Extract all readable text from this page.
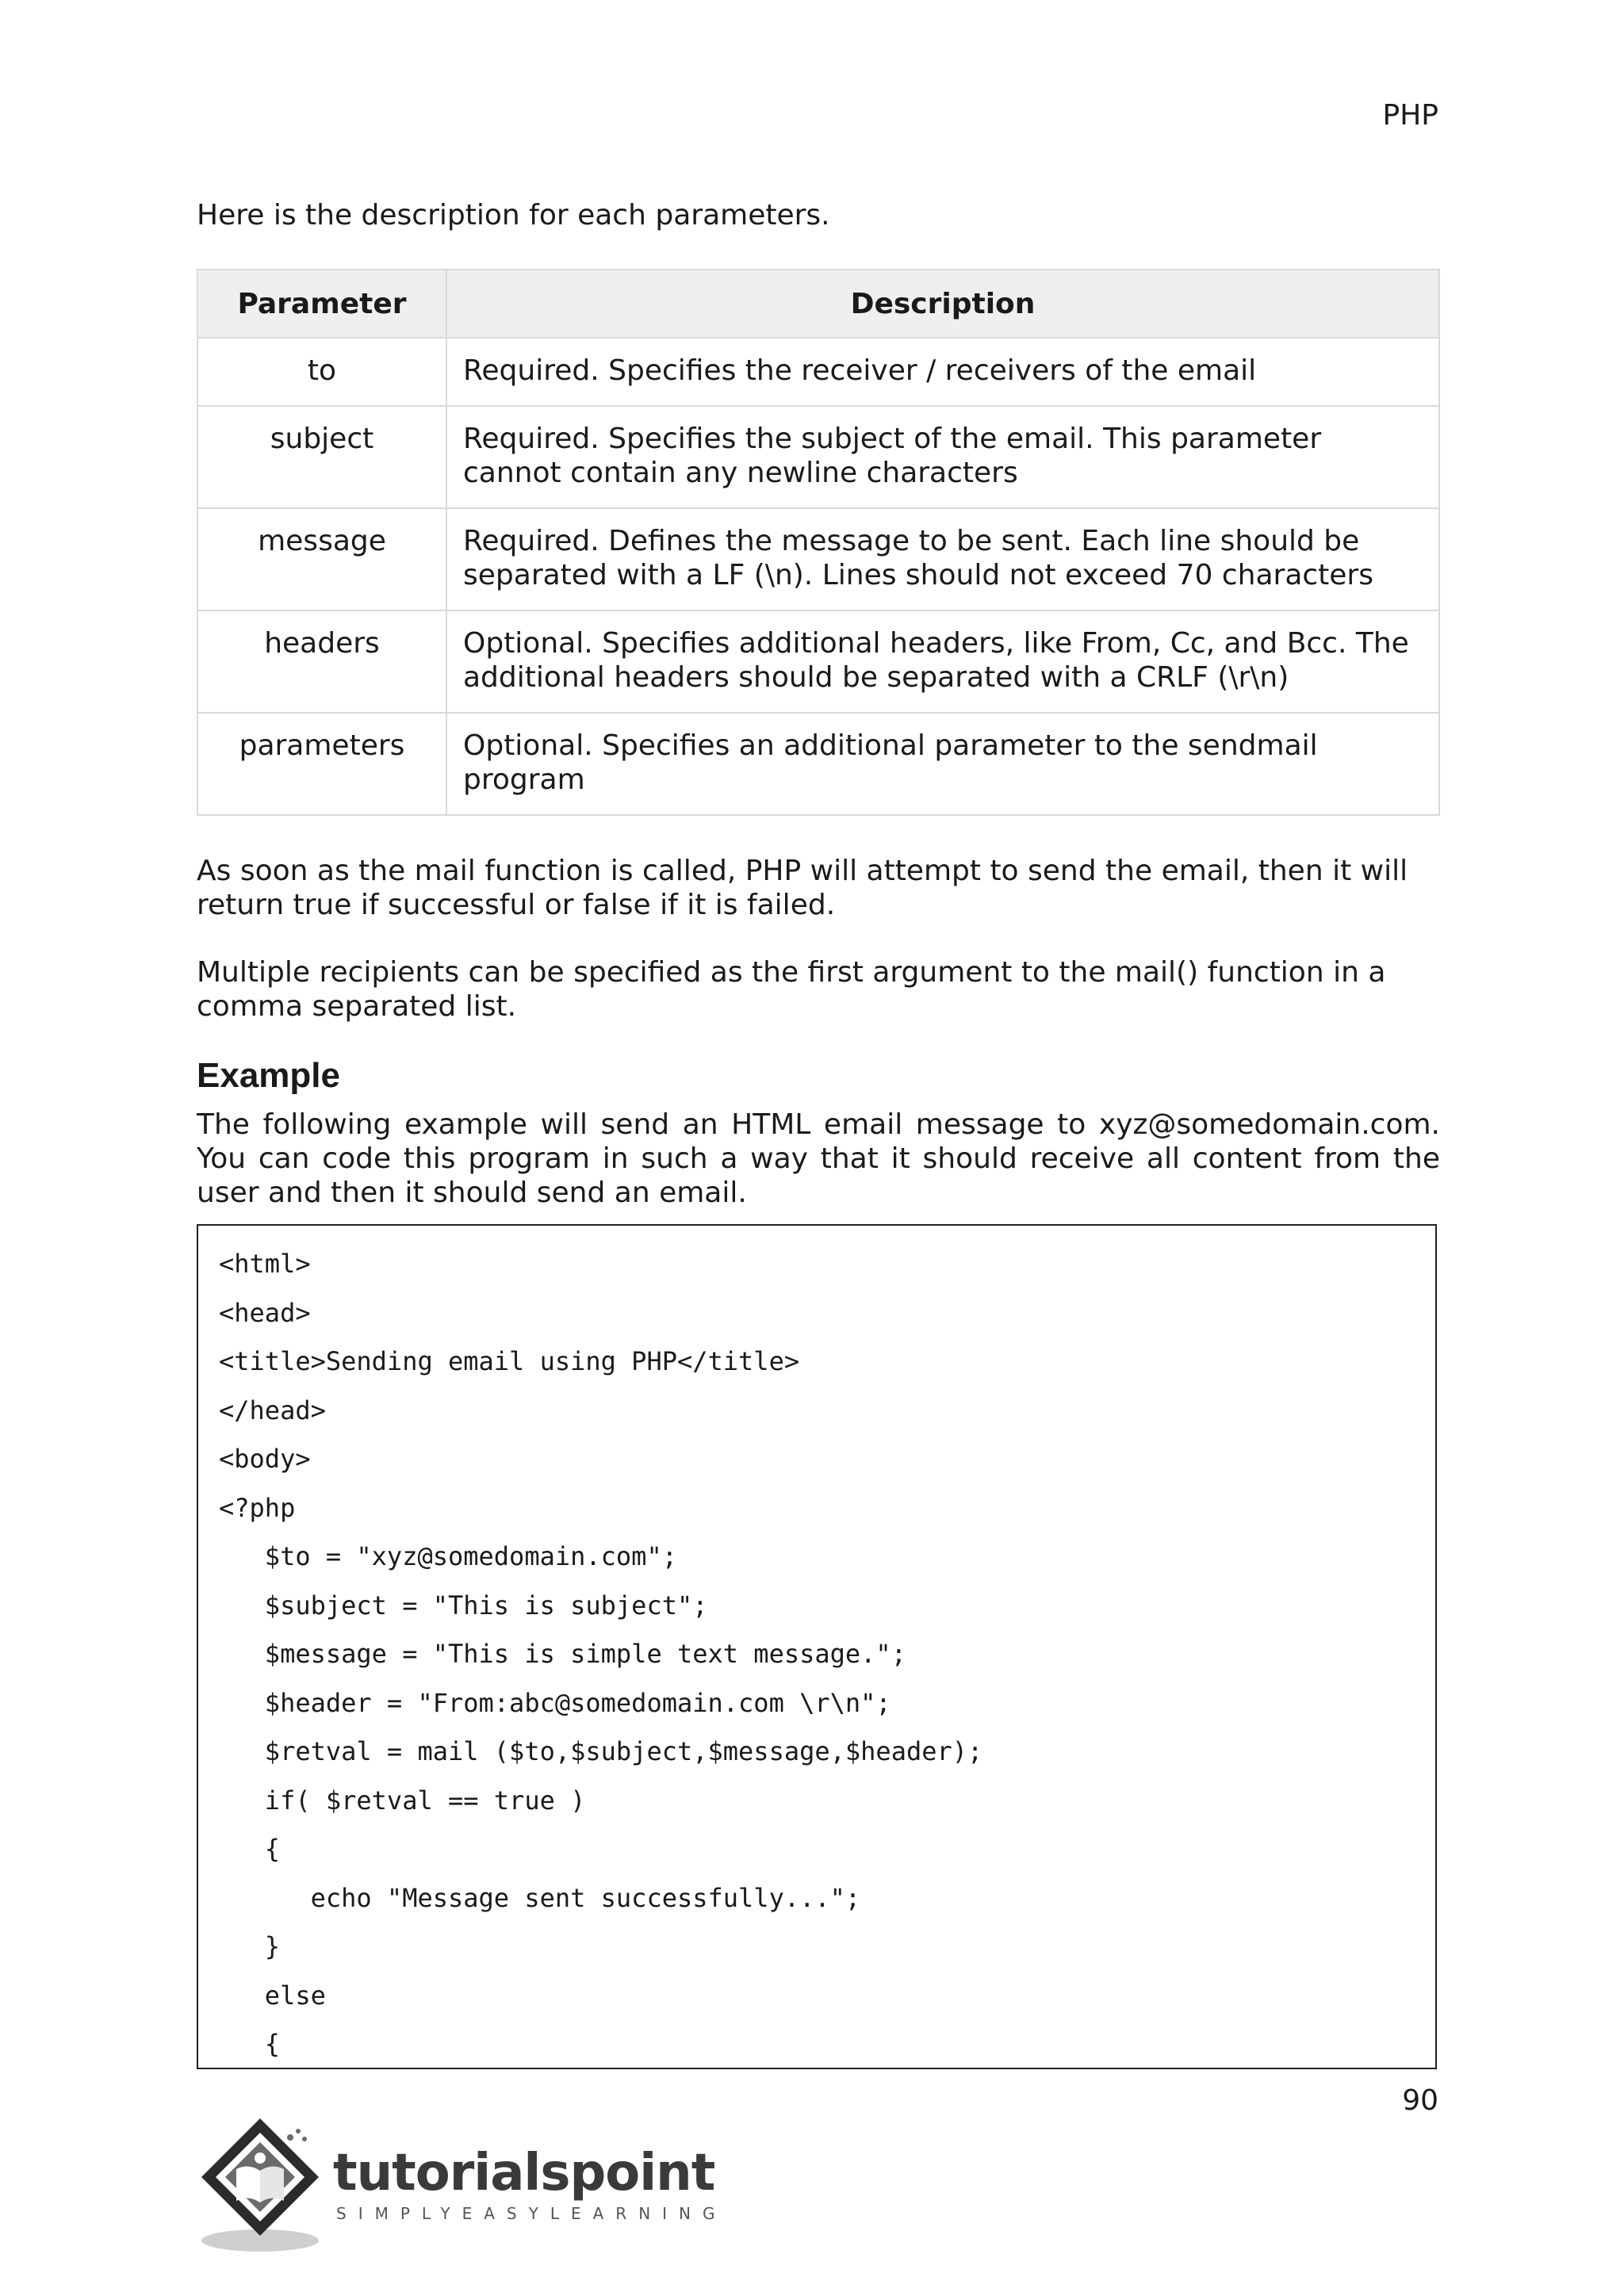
PHP

Here is the description for each parameters.

Parameter	Description
to	Required. Specifies the receiver / receivers of the email
subject	Required. Specifies the subject of the email. This parameter cannot contain any newline characters
message	Required. Defines the message to be sent. Each line should be separated with a LF (\n). Lines should not exceed 70 characters
headers	Optional. Specifies additional headers, like From, Cc, and Bcc. The additional headers should be separated with a CRLF (\r\n)
parameters	Optional. Specifies an additional parameter to the sendmail program

As soon as the mail function is called, PHP will attempt to send the email, then it will return true if successful or false if it is failed.

Multiple recipients can be specified as the first argument to the mail() function in a comma separated list.

Example

The following example will send an HTML email message to xyz@somedomain.com. You can code this program in such a way that it should receive all content from the user and then it should send an email.

<html>
<head>
<title>Sending email using PHP</title>
</head>
<body>
<?php
$to = "xyz@somedomain.com";
$subject = "This is subject";
$message = "This is simple text message.";
$header = "From:abc@somedomain.com \r\n";
$retval = mail ($to,$subject,$message,$header);
if( $retval == true )
{
echo "Message sent successfully...";
}
else
{
90
tutorialspoint
SIMPLYEASYLEARNING
